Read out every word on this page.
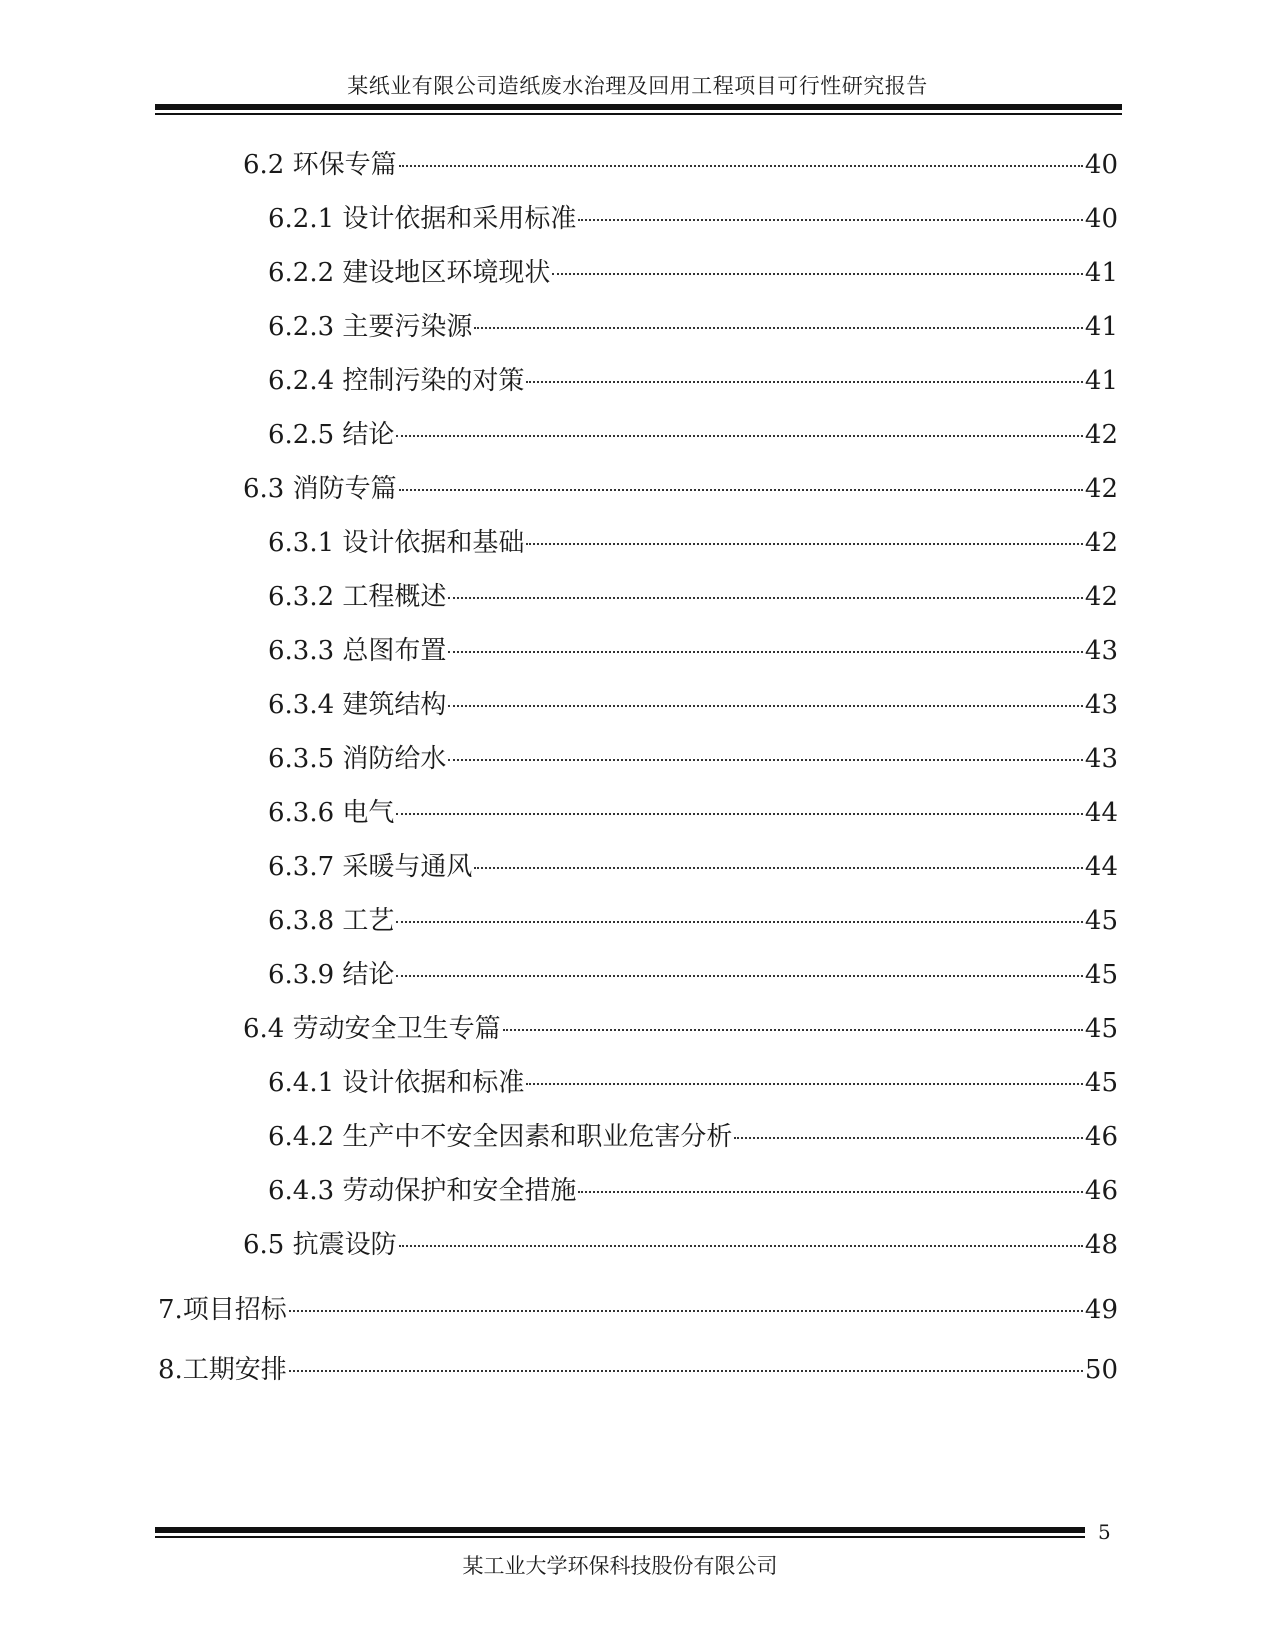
某纸业有限公司造纸废水治理及回用工程项目可行性研究报告
6.2 环保专篇	40
6.2.1 设计依据和采用标准	40
6.2.2 建设地区环境现状	41
6.2.3 主要污染源	41
6.2.4 控制污染的对策	41
6.2.5 结论	42
6.3 消防专篇	42
6.3.1 设计依据和基础	42
6.3.2 工程概述	42
6.3.3 总图布置	43
6.3.4 建筑结构	43
6.3.5 消防给水	43
6.3.6 电气	44
6.3.7 采暖与通风	44
6.3.8 工艺	45
6.3.9 结论	45
6.4 劳动安全卫生专篇	45
6.4.1 设计依据和标准	45
6.4.2 生产中不安全因素和职业危害分析	46
6.4.3 劳动保护和安全措施	46
6.5 抗震设防	48
7.项目招标	49
8.工期安排	50
某工业大学环保科技股份有限公司
5
